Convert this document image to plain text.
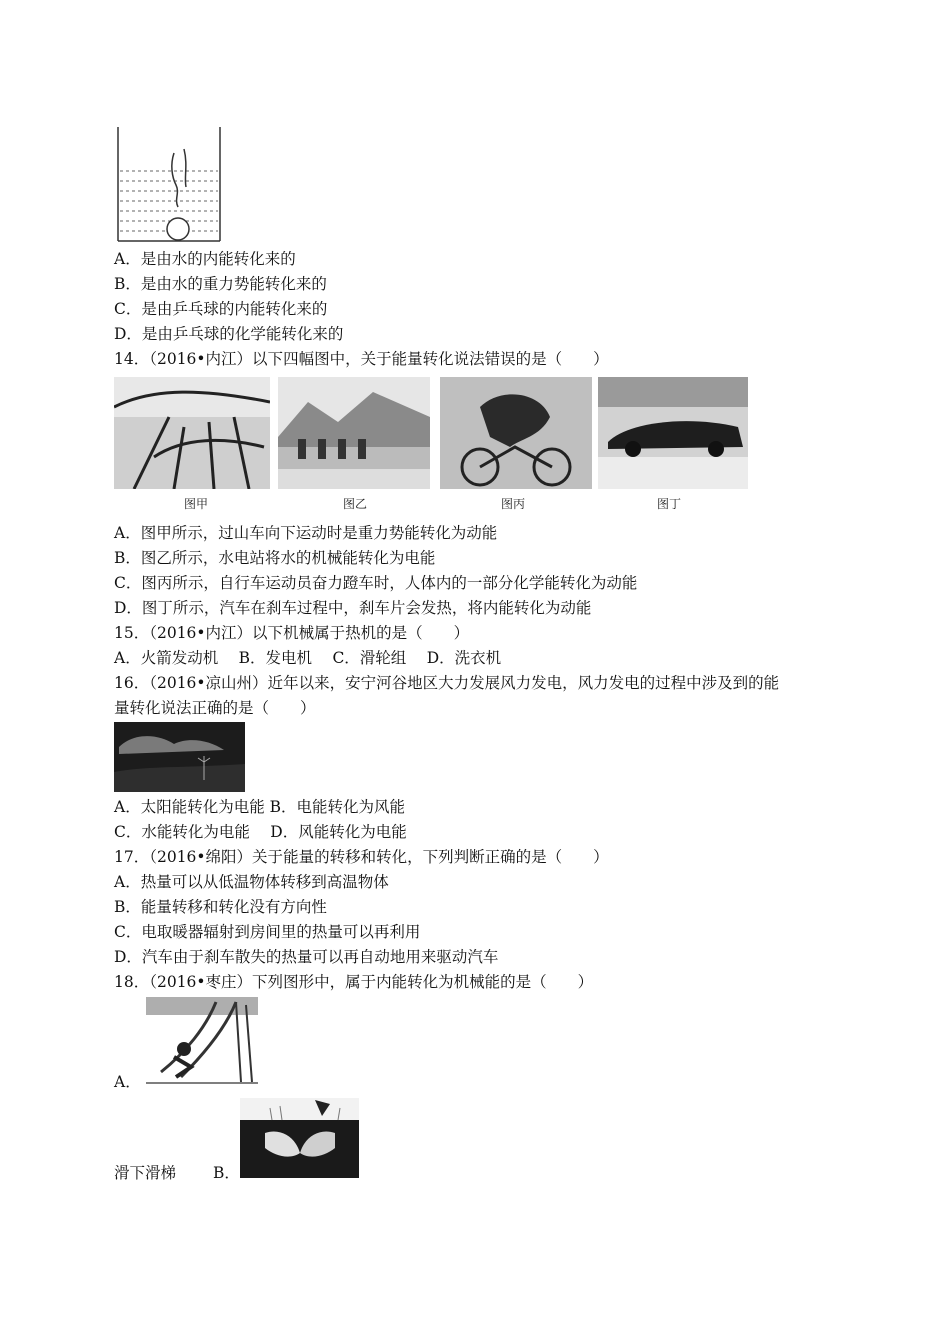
A．是由水的内能转化来的
B．是由水的重力势能转化来的
C．是由乒乓球的内能转化来的
D．是由乒乓球的化学能转化来的
14．（2016•内江）以下四幅图中，关于能量转化说法错误的是（　　）
图甲	图乙	图丙	图丁
A．图甲所示，过山车向下运动时是重力势能转化为动能
B．图乙所示，水电站将水的机械能转化为电能
C．图丙所示，自行车运动员奋力蹬车时，人体内的一部分化学能转化为动能
D．图丁所示，汽车在刹车过程中，刹车片会发热，将内能转化为动能
15．（2016•内江）以下机械属于热机的是（　　）
A．火箭发动机　 B．发电机　 C．滑轮组　 D．洗衣机
16．（2016•凉山州）近年以来，安宁河谷地区大力发展风力发电，风力发电的过程中涉及到的能
量转化说法正确的是（　　）
A．太阳能转化为电能 B．电能转化为风能
C．水能转化为电能　 D．风能转化为电能
17．（2016•绵阳）关于能量的转移和转化，下列判断正确的是（　　）
A．热量可以从低温物体转移到高温物体
B．能量转移和转化没有方向性
C．电取暖器辐射到房间里的热量可以再利用
D．汽车由于刹车散失的热量可以再自动地用来驱动汽车
18．（2016•枣庄）下列图形中，属于内能转化为机械能的是（　　）
A．
滑下滑梯 B．
